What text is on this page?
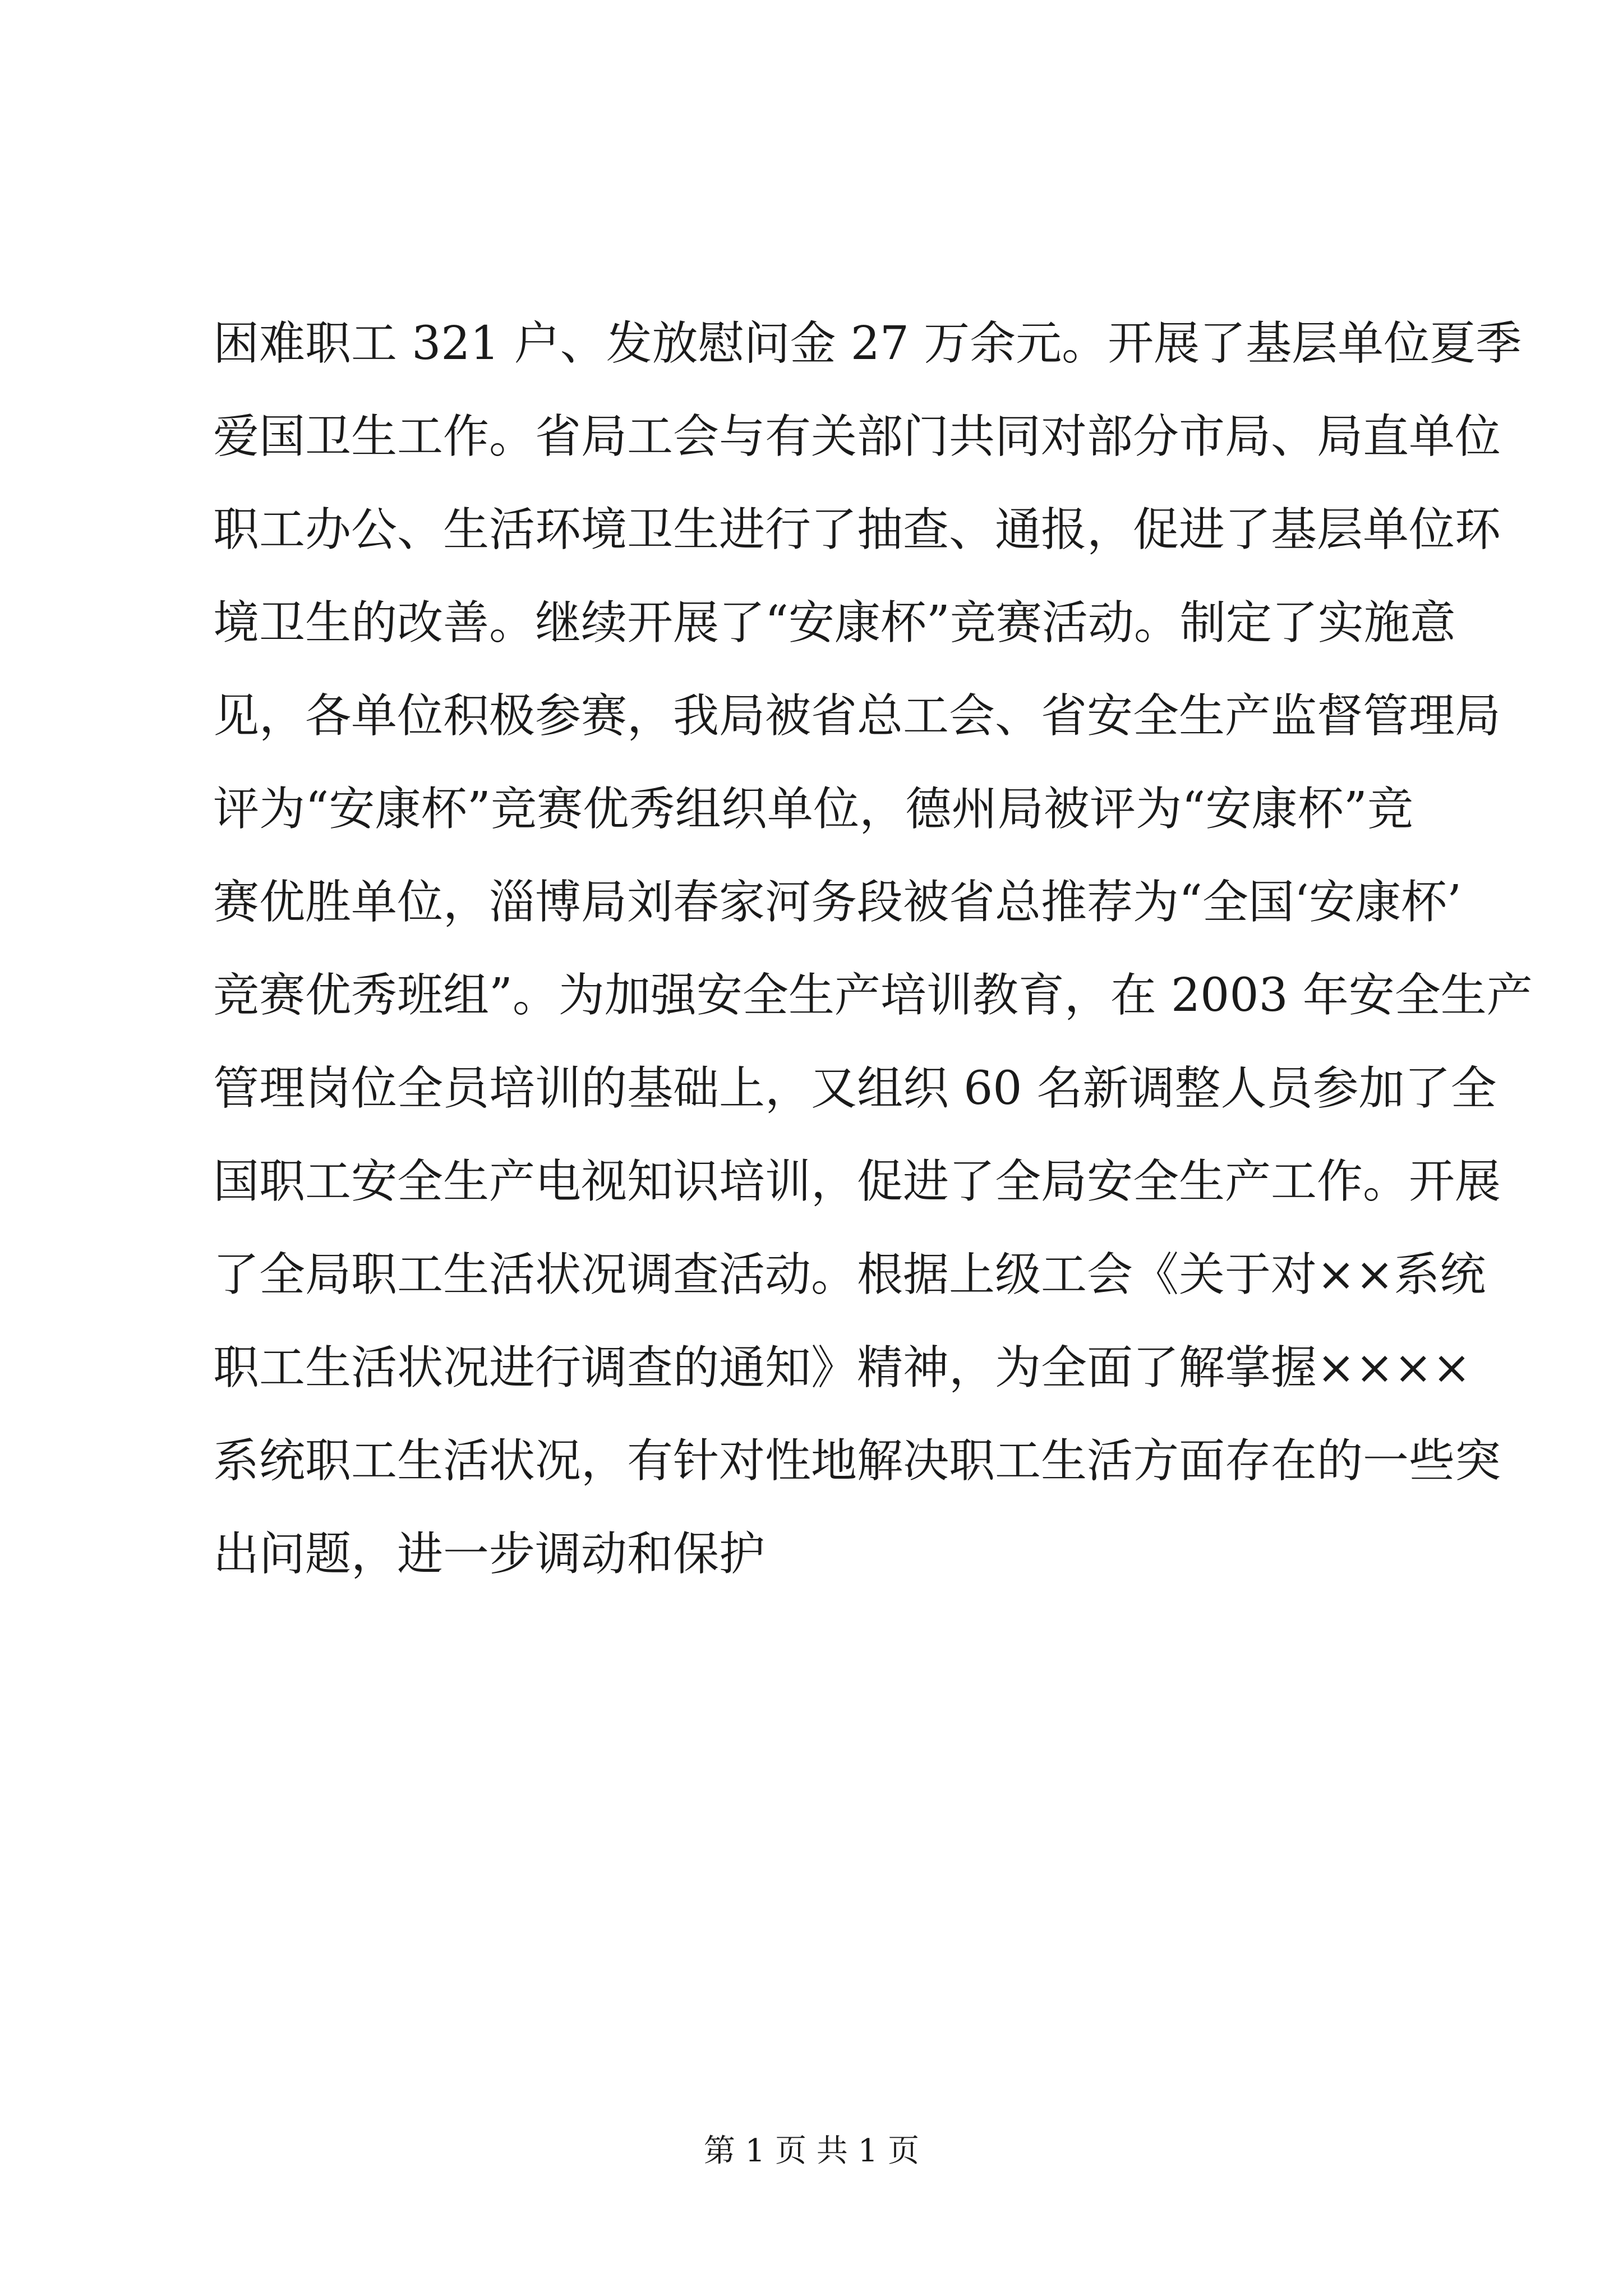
困难职工 321 户、发放慰问金 27 万余元。开展了基层单位夏季
爱国卫生工作。省局工会与有关部门共同对部分市局、局直单位
职工办公、生活环境卫生进行了抽查、通报，促进了基层单位环
境卫生的改善。继续开展了“安康杯”竞赛活动。制定了实施意
见，各单位积极参赛，我局被省总工会、省安全生产监督管理局
评为“安康杯”竞赛优秀组织单位，德州局被评为“安康杯”竞
赛优胜单位，淄博局刘春家河务段被省总推荐为“全国‘安康杯’
竞赛优秀班组”。为加强安全生产培训教育，在 2003 年安全生产
管理岗位全员培训的基础上，又组织 60 名新调整人员参加了全
国职工安全生产电视知识培训，促进了全局安全生产工作。开展
了全局职工生活状况调查活动。根据上级工会《关于对××系统
职工生活状况进行调查的通知》精神，为全面了解掌握××××
系统职工生活状况，有针对性地解决职工生活方面存在的一些突
出问题，进一步调动和保护
第 1 页 共 1 页
